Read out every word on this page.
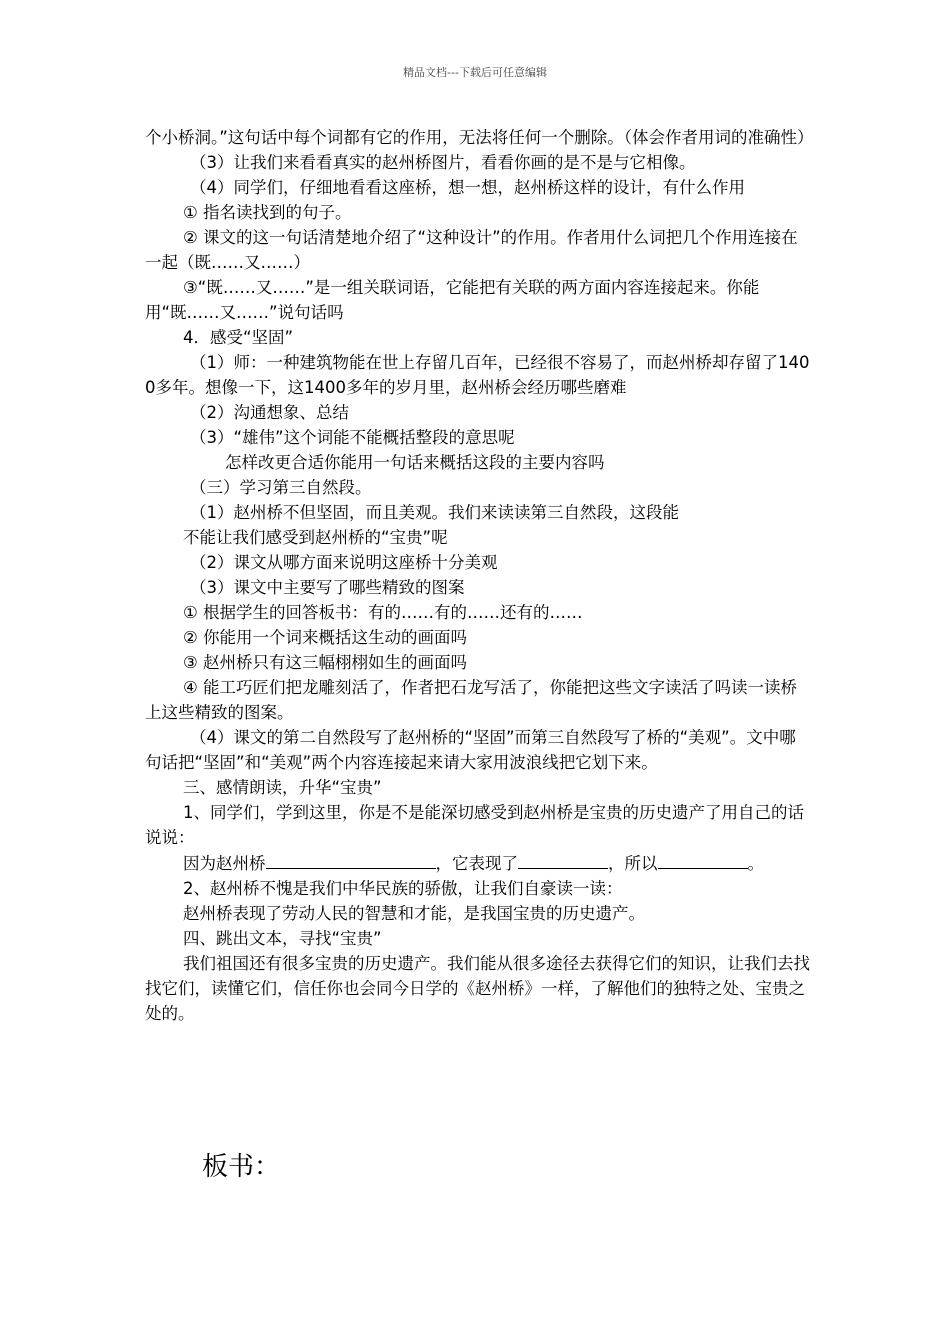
精品文档---下载后可任意编辑

个小桥洞。”这句话中每个词都有它的作用，无法将任何一个删除。（体会作者用词的准确性）

（3）让我们来看看真实的赵州桥图片，看看你画的是不是与它相像。

（4）同学们，仔细地看看这座桥，想一想，赵州桥这样的设计，有什么作用

① 指名读找到的句子。

② 课文的这一句话清楚地介绍了“这种设计”的作用。作者用什么词把几个作用连接在一起（既……又……）

③“既……又……”是一组关联词语，它能把有关联的两方面内容连接起来。你能用“既……又……”说句话吗

4．感受“坚固”

（1）师：一种建筑物能在世上存留几百年，已经很不容易了，而赵州桥却存留了1400多年。想像一下，这1400多年的岁月里，赵州桥会经历哪些磨难

（2）沟通想象、总结

（3）“雄伟”这个词能不能概括整段的意思呢

怎样改更合适你能用一句话来概括这段的主要内容吗

（三）学习第三自然段。

（1）赵州桥不但坚固，而且美观。我们来读读第三自然段，这段能

不能让我们感受到赵州桥的“宝贵”呢

（2）课文从哪方面来说明这座桥十分美观

（3）课文中主要写了哪些精致的图案

① 根据学生的回答板书：有的……有的……还有的……

② 你能用一个词来概括这生动的画面吗

③ 赵州桥只有这三幅栩栩如生的画面吗

④ 能工巧匠们把龙雕刻活了，作者把石龙写活了，你能把这些文字读活了吗读一读桥上这些精致的图案。

（4）课文的第二自然段写了赵州桥的“坚固”而第三自然段写了桥的“美观”。文中哪句话把“坚固”和“美观”两个内容连接起来请大家用波浪线把它划下来。

三、感情朗读，升华“宝贵”

1、同学们，学到这里，你是不是能深切感受到赵州桥是宝贵的历史遗产了用自己的话说说：

因为赵州桥	，它表现了	，所以	。

2、赵州桥不愧是我们中华民族的骄傲，让我们自豪读一读：

赵州桥表现了劳动人民的智慧和才能，是我国宝贵的历史遗产。

四、跳出文本，寻找“宝贵”

我们祖国还有很多宝贵的历史遗产。我们能从很多途径去获得它们的知识，让我们去找找它们，读懂它们，信任你也会同今日学的《赵州桥》一样，了解他们的独特之处、宝贵之处的。

板书：
